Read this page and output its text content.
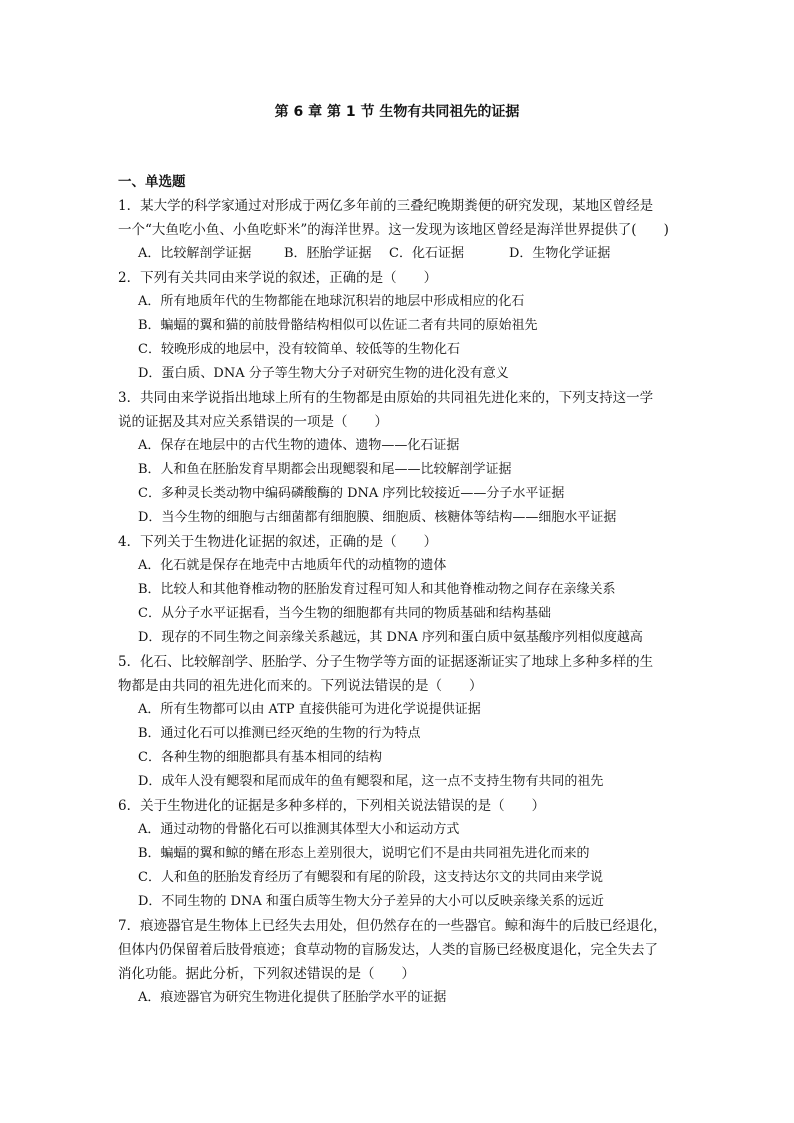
第 6 章 第 1 节 生物有共同祖先的证据
一、单选题
1．某大学的科学家通过对形成于两亿多年前的三叠纪晚期粪便的研究发现，某地区曾经是
一个“大鱼吃小鱼、小鱼吃虾米”的海洋世界。这一发现为该地区曾经是海洋世界提供了(　　)
A．比较解剖学证据	B．胚胎学证据	C．化石证据	D．生物化学证据
2．下列有关共同由来学说的叙述，正确的是（　　）
A．所有地质年代的生物都能在地球沉积岩的地层中形成相应的化石
B．蝙蝠的翼和猫的前肢骨骼结构相似可以佐证二者有共同的原始祖先
C．较晚形成的地层中，没有较简单、较低等的生物化石
D．蛋白质、DNA 分子等生物大分子对研究生物的进化没有意义
3．共同由来学说指出地球上所有的生物都是由原始的共同祖先进化来的，下列支持这一学
说的证据及其对应关系错误的一项是（　　）
A．保存在地层中的古代生物的遗体、遗物——化石证据
B．人和鱼在胚胎发育早期都会出现鳃裂和尾——比较解剖学证据
C．多种灵长类动物中编码磷酸酶的 DNA 序列比较接近——分子水平证据
D．当今生物的细胞与古细菌都有细胞膜、细胞质、核糖体等结构——细胞水平证据
4．下列关于生物进化证据的叙述，正确的是（　　）
A．化石就是保存在地壳中古地质年代的动植物的遗体
B．比较人和其他脊椎动物的胚胎发育过程可知人和其他脊椎动物之间存在亲缘关系
C．从分子水平证据看，当今生物的细胞都有共同的物质基础和结构基础
D．现存的不同生物之间亲缘关系越远，其 DNA 序列和蛋白质中氨基酸序列相似度越高
5．化石、比较解剖学、胚胎学、分子生物学等方面的证据逐渐证实了地球上多种多样的生
物都是由共同的祖先进化而来的。下列说法错误的是（　　）
A．所有生物都可以由 ATP 直接供能可为进化学说提供证据
B．通过化石可以推测已经灭绝的生物的行为特点
C．各种生物的细胞都具有基本相同的结构
D．成年人没有鳃裂和尾而成年的鱼有鳃裂和尾，这一点不支持生物有共同的祖先
6．关于生物进化的证据是多种多样的，下列相关说法错误的是（　　）
A．通过动物的骨骼化石可以推测其体型大小和运动方式
B．蝙蝠的翼和鲸的鳍在形态上差别很大，说明它们不是由共同祖先进化而来的
C．人和鱼的胚胎发育经历了有鳃裂和有尾的阶段，这支持达尔文的共同由来学说
D．不同生物的 DNA 和蛋白质等生物大分子差异的大小可以反映亲缘关系的远近
7．痕迹器官是生物体上已经失去用处，但仍然存在的一些器官。鲸和海牛的后肢已经退化，
但体内仍保留着后肢骨痕迹；食草动物的盲肠发达，人类的盲肠已经极度退化，完全失去了
消化功能。据此分析，下列叙述错误的是（　　）
A．痕迹器官为研究生物进化提供了胚胎学水平的证据
